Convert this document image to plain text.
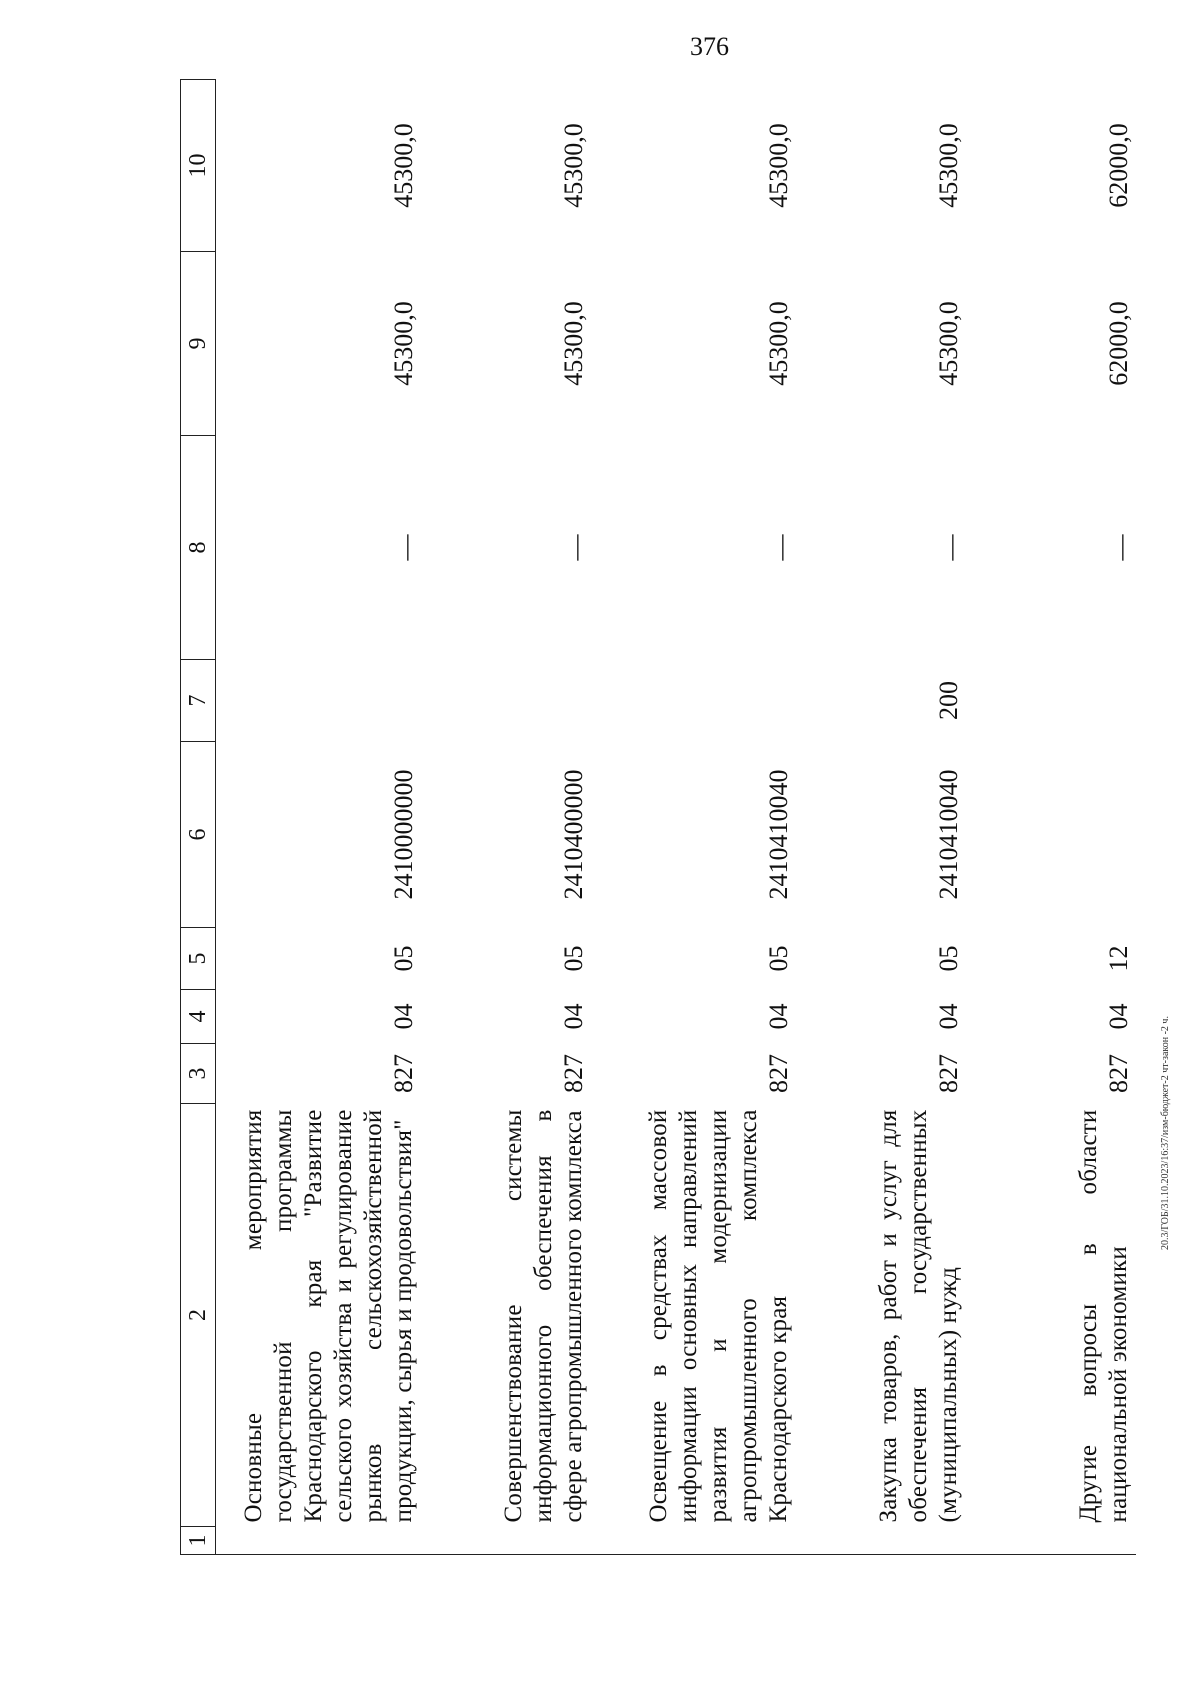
376
20.3/ГОБ/31.10.2023/16:37/изм-бюджет-2 чт-закон -2 ч.
1	2	3	4	5	6	7	8	9	10
	Основные мероприятия государственной программы Краснодарского края "Развитие сельского хозяйства и регулирование рынков сельскохозяйственной продукции, сырья и продовольствия"	827	04	05	2410000000		—	45300,0	45300,0
	Совершенствование системы информационного обеспечения в сфере агропромышленного комплекса	827	04	05	2410400000		—	45300,0	45300,0
	Освещение в средствах массовой информации основных направлений развития и модернизации агропромышленного комплекса Краснодарского края	827	04	05	2410410040		—	45300,0	45300,0
	Закупка товаров, работ и услуг для обеспечения государственных (муниципальных) нужд	827	04	05	2410410040	200	—	45300,0	45300,0
	Другие вопросы в области национальной экономики	827	04	12			—	62000,0	62000,0
